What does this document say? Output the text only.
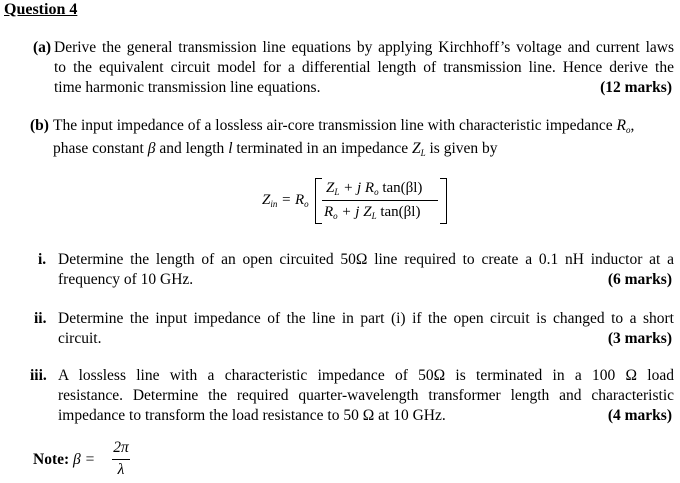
Question 4
(a) Derive the general transmission line equations by applying Kirchhoff’s voltage and current laws
to the equivalent circuit model for a differential length of transmission line. Hence derive the
time harmonic transmission line equations.	(12 marks)
(b) The input impedance of a lossless air-core transmission line with characteristic impedance $R_o$,
phase constant β and length l terminated in an impedance $Z_L$ is given by
$Z_{in} = R_o$
$Z_L + j$ $R_o$ tan(βl)
$R_o + j$ $Z_L$ tan(βl)
i. Determine the length of an open circuited 50Ω line required to create a 0.1 nH inductor at a
frequency of 10 GHz.	(6 marks)
ii. Determine the input impedance of the line in part (i) if the open circuit is changed to a short
circuit.	(3 marks)
iii. A lossless line with a characteristic impedance of 50Ω is terminated in a 100 Ω load
resistance. Determine the required quarter-wavelength transformer length and characteristic
impedance to transform the load resistance to 50 Ω at 10 GHz.	(4 marks)
Note: β =
2π
λ
